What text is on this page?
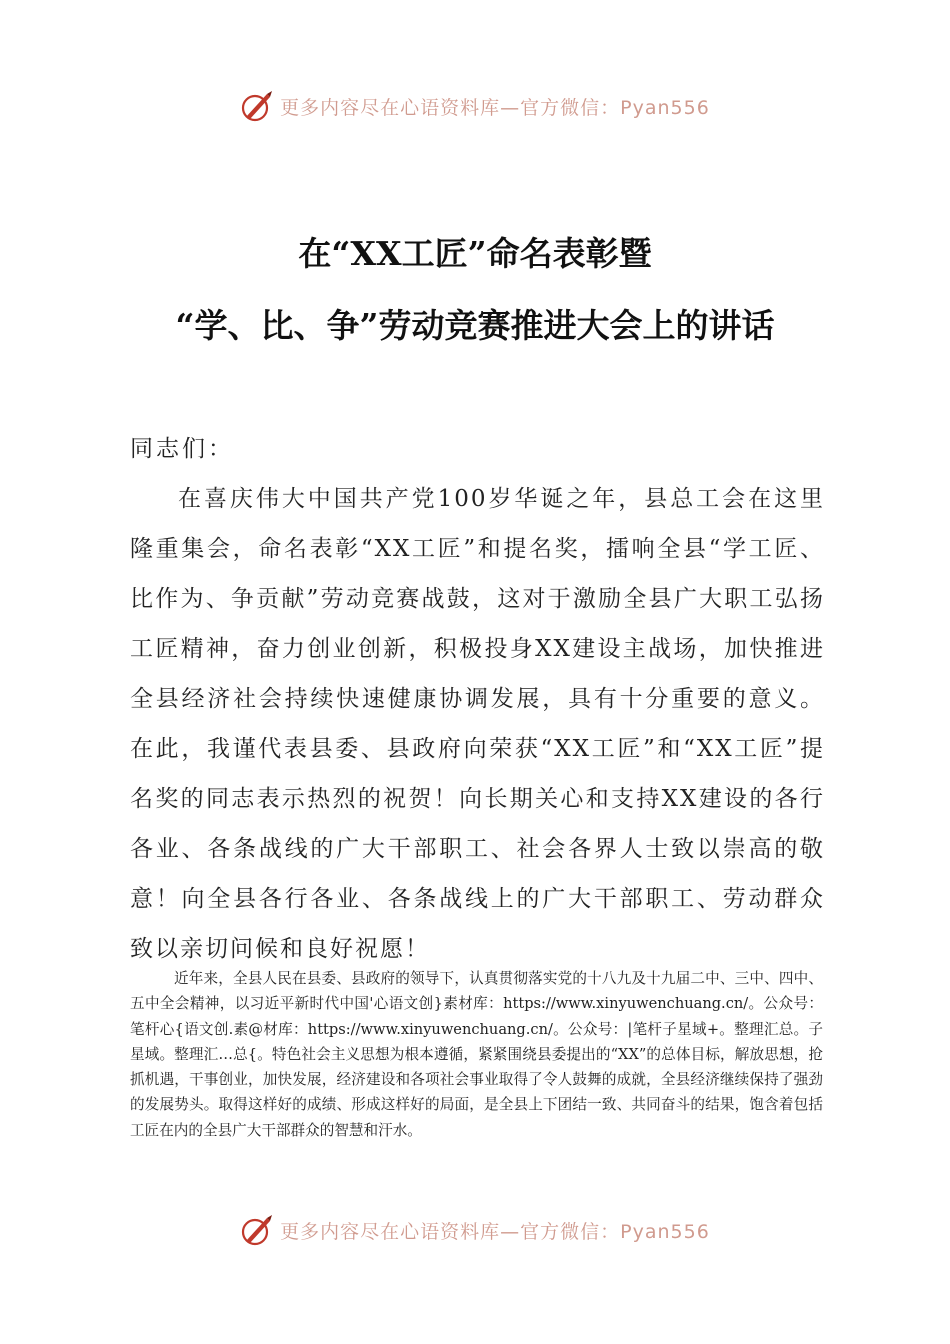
更多内容尽在心语资料库—官方微信：Pyan556
在“XX工匠”命名表彰暨
“学、比、争”劳动竞赛推进大会上的讲话
同志们：
在喜庆伟大中国共产党100岁华诞之年，县总工会在这里隆重集会，命名表彰“XX工匠”和提名奖，擂响全县“学工匠、比作为、争贡献”劳动竞赛战鼓，这对于激励全县广大职工弘扬工匠精神，奋力创业创新，积极投身XX建设主战场，加快推进全县经济社会持续快速健康协调发展，具有十分重要的意义。在此，我谨代表县委、县政府向荣获“XX工匠”和“XX工匠”提名奖的同志表示热烈的祝贺！向长期关心和支持XX建设的各行各业、各条战线的广大干部职工、社会各界人士致以崇高的敬意！向全县各行各业、各条战线上的广大干部职工、劳动群众致以亲切问候和良好祝愿！
近年来，全县人民在县委、县政府的领导下，认真贯彻落实党的十八九及十九届二中、三中、四中、五中全会精神，以习近平新时代中国'心语文创}素材库：https://www.xinyuwenchuang.cn/。公众号：笔杆心{语文创.素@材库：https://www.xinyuwenchuang.cn/。公众号：|笔杆子星域+。整理汇总。子星域。整理汇…总{。特色社会主义思想为根本遵循，紧紧围绕县委提出的“XX”的总体目标，解放思想，抢抓机遇，干事创业，加快发展，经济建设和各项社会事业取得了令人鼓舞的成就，全县经济继续保持了强劲的发展势头。取得这样好的成绩、形成这样好的局面，是全县上下团结一致、共同奋斗的结果，饱含着包括工匠在内的全县广大干部群众的智慧和汗水。
更多内容尽在心语资料库—官方微信：Pyan556
